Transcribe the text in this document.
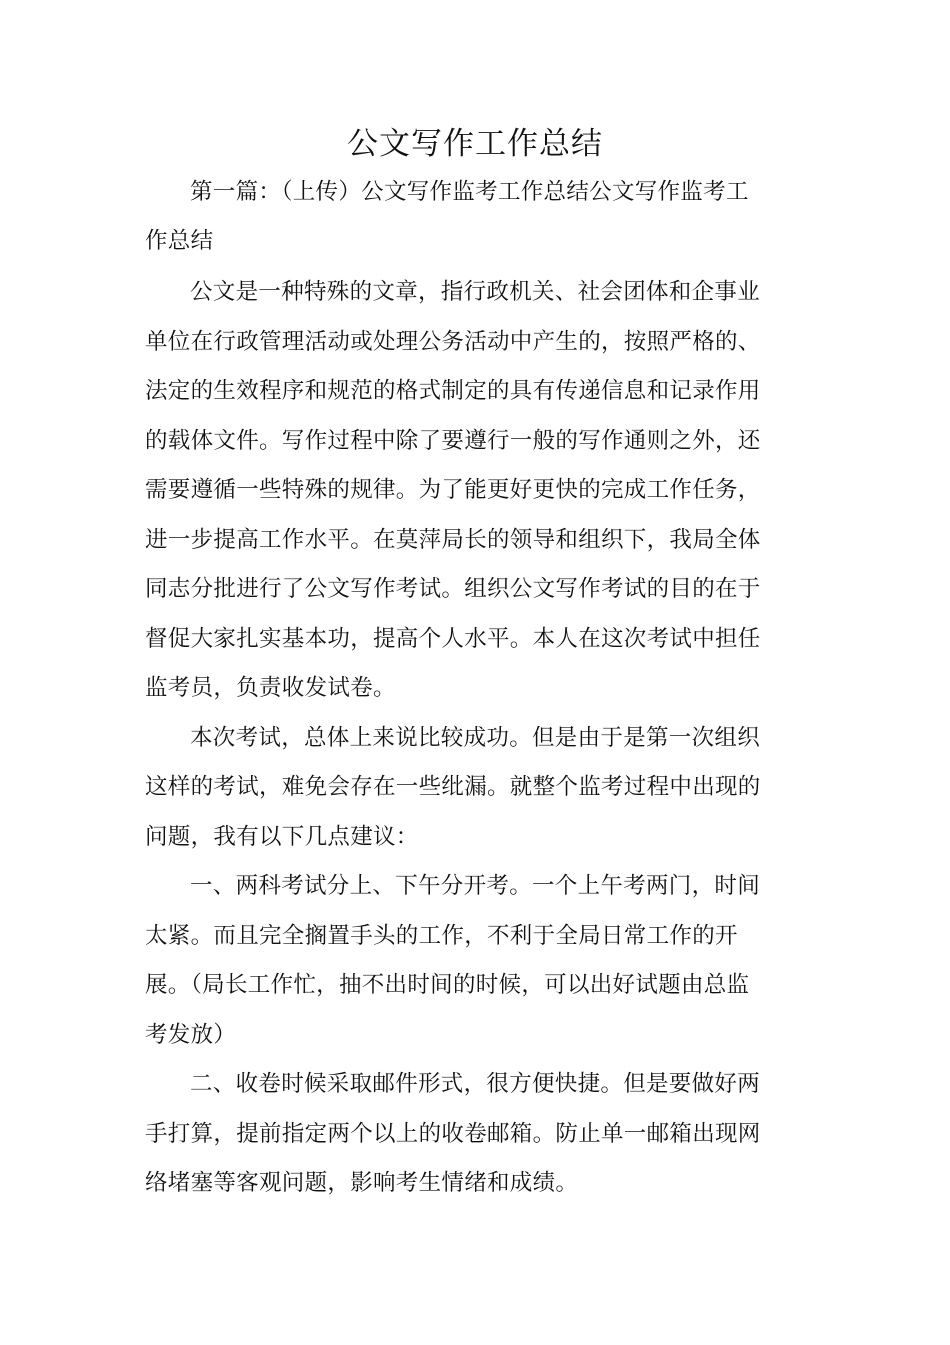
公文写作工作总结

第一篇：（上传）公文写作监考工作总结公文写作监考工作总结

公文是一种特殊的文章，指行政机关、社会团体和企事业单位在行政管理活动或处理公务活动中产生的，按照严格的、法定的生效程序和规范的格式制定的具有传递信息和记录作用的载体文件。写作过程中除了要遵行一般的写作通则之外，还需要遵循一些特殊的规律。为了能更好更快的完成工作任务，进一步提高工作水平。在莫萍局长的领导和组织下，我局全体同志分批进行了公文写作考试。组织公文写作考试的目的在于督促大家扎实基本功，提高个人水平。本人在这次考试中担任监考员，负责收发试卷。

本次考试，总体上来说比较成功。但是由于是第一次组织这样的考试，难免会存在一些纰漏。就整个监考过程中出现的问题，我有以下几点建议：

一、两科考试分上、下午分开考。一个上午考两门，时间太紧。而且完全搁置手头的工作，不利于全局日常工作的开展。（局长工作忙，抽不出时间的时候，可以出好试题由总监考发放）

二、收卷时候采取邮件形式，很方便快捷。但是要做好两手打算，提前指定两个以上的收卷邮箱。防止单一邮箱出现网络堵塞等客观问题，影响考生情绪和成绩。
